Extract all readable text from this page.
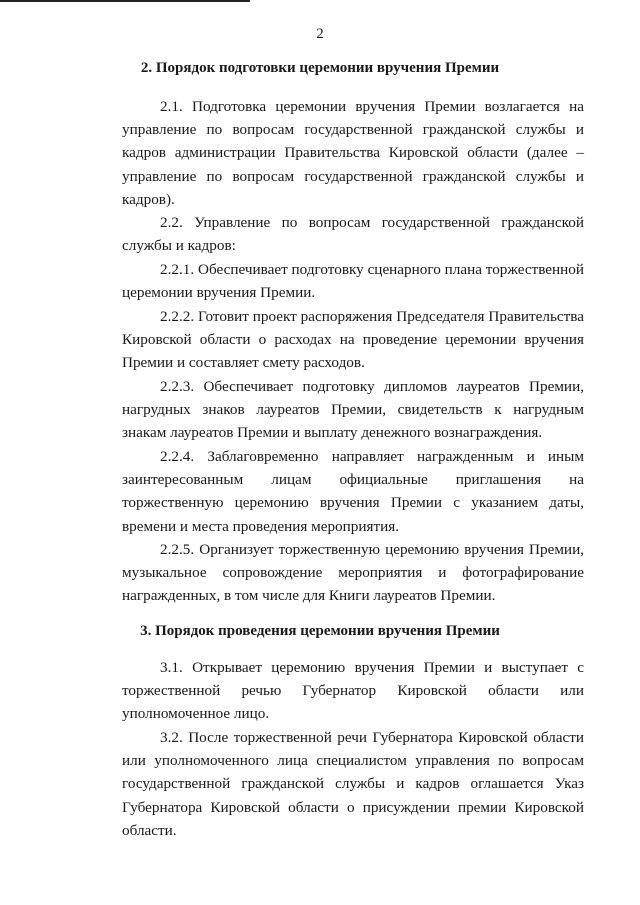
2
2. Порядок подготовки церемонии вручения Премии

2.1. Подготовка церемонии вручения Премии возлагается на управление по вопросам государственной гражданской службы и кадров администрации Правительства Кировской области (далее – управление по вопросам государственной гражданской службы и кадров).

2.2. Управление по вопросам государственной гражданской службы и кадров:

2.2.1. Обеспечивает подготовку сценарного плана торжественной церемонии вручения Премии.

2.2.2. Готовит проект распоряжения Председателя Правительства Кировской области о расходах на проведение церемонии вручения Премии и составляет смету расходов.

2.2.3. Обеспечивает подготовку дипломов лауреатов Премии, нагрудных знаков лауреатов Премии, свидетельств к нагрудным знакам лауреатов Премии и выплату денежного вознаграждения.

2.2.4. Заблаговременно направляет награжденным и иным заинтересованным лицам официальные приглашения на торжественную церемонию вручения Премии с указанием даты, времени и места проведения мероприятия.

2.2.5. Организует торжественную церемонию вручения Премии, музыкальное сопровождение мероприятия и фотографирование награжденных, в том числе для Книги лауреатов Премии.

3. Порядок проведения церемонии вручения Премии

3.1. Открывает церемонию вручения Премии и выступает с торжественной речью Губернатор Кировской области или уполномоченное лицо.

3.2. После торжественной речи Губернатора Кировской области или уполномоченного лица специалистом управления по вопросам государственной гражданской службы и кадров оглашается Указ Губернатора Кировской области о присуждении премии Кировской области.
